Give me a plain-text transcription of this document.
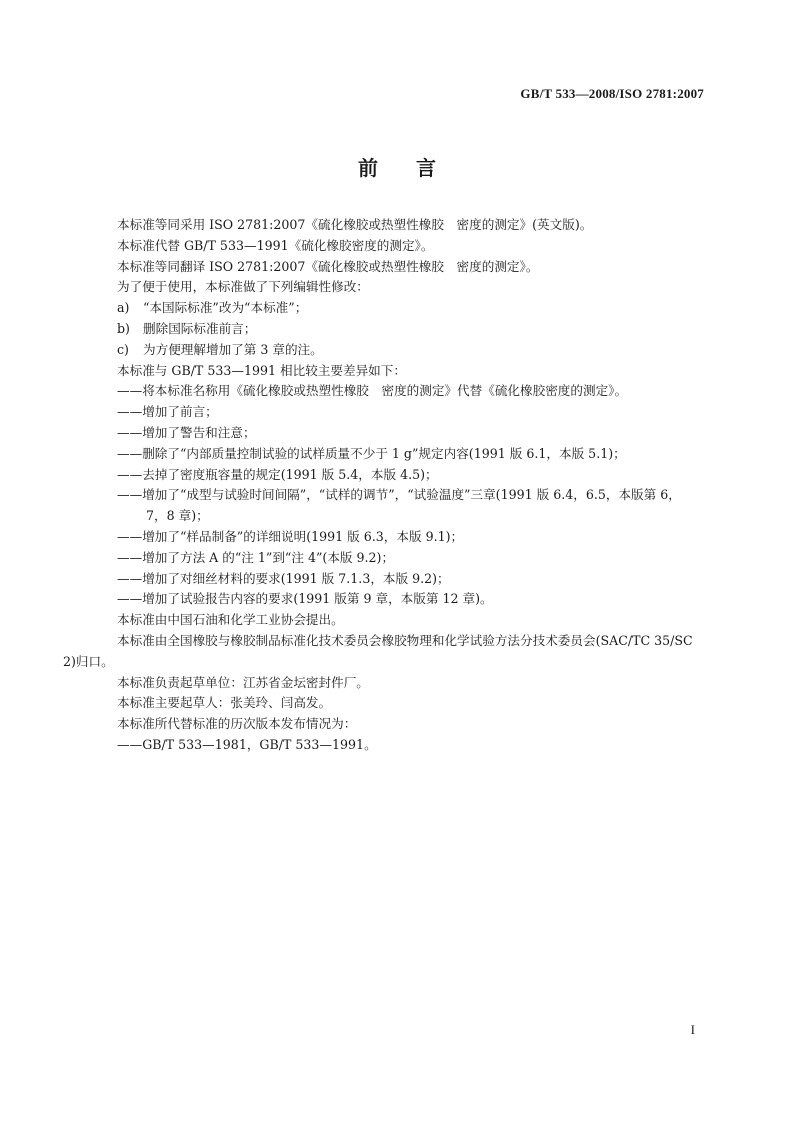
GB/T 533—2008/ISO 2781:2007
前 言

本标准等同采用 ISO 2781:2007《硫化橡胶或热塑性橡胶　密度的测定》(英文版)。

本标准代替 GB/T 533—1991《硫化橡胶密度的测定》。

本标准等同翻译 ISO 2781:2007《硫化橡胶或热塑性橡胶　密度的测定》。

为了便于使用，本标准做了下列编辑性修改：

a) “本国际标准”改为“本标准”；

b) 删除国际标准前言；

c) 为方便理解增加了第 3 章的注。

本标准与 GB/T 533—1991 相比较主要差异如下：

——将本标准名称用《硫化橡胶或热塑性橡胶　密度的测定》代替《硫化橡胶密度的测定》。

——增加了前言；

——增加了警告和注意；

——删除了“内部质量控制试验的试样质量不少于 1 g”规定内容(1991 版 6.1，本版 5.1)；

——去掉了密度瓶容量的规定(1991 版 5.4，本版 4.5)；

——增加了“成型与试验时间间隔”，“试样的调节”，“试验温度”三章(1991 版 6.4，6.5，本版第 6，

7，8 章)；

——增加了“样品制备”的详细说明(1991 版 6.3，本版 9.1)；

——增加了方法 A 的“注 1”到“注 4”(本版 9.2)；

——增加了对细丝材料的要求(1991 版 7.1.3，本版 9.2)；

——增加了试验报告内容的要求(1991 版第 9 章，本版第 12 章)。

本标准由中国石油和化学工业协会提出。

本标准由全国橡胶与橡胶制品标准化技术委员会橡胶物理和化学试验方法分技术委员会(SAC/TC 35/SC 2)归口。

本标准负责起草单位：江苏省金坛密封件厂。

本标准主要起草人：张美玲、闫高发。

本标准所代替标准的历次版本发布情况为：

——GB/T 533—1981，GB/T 533—1991。

I
